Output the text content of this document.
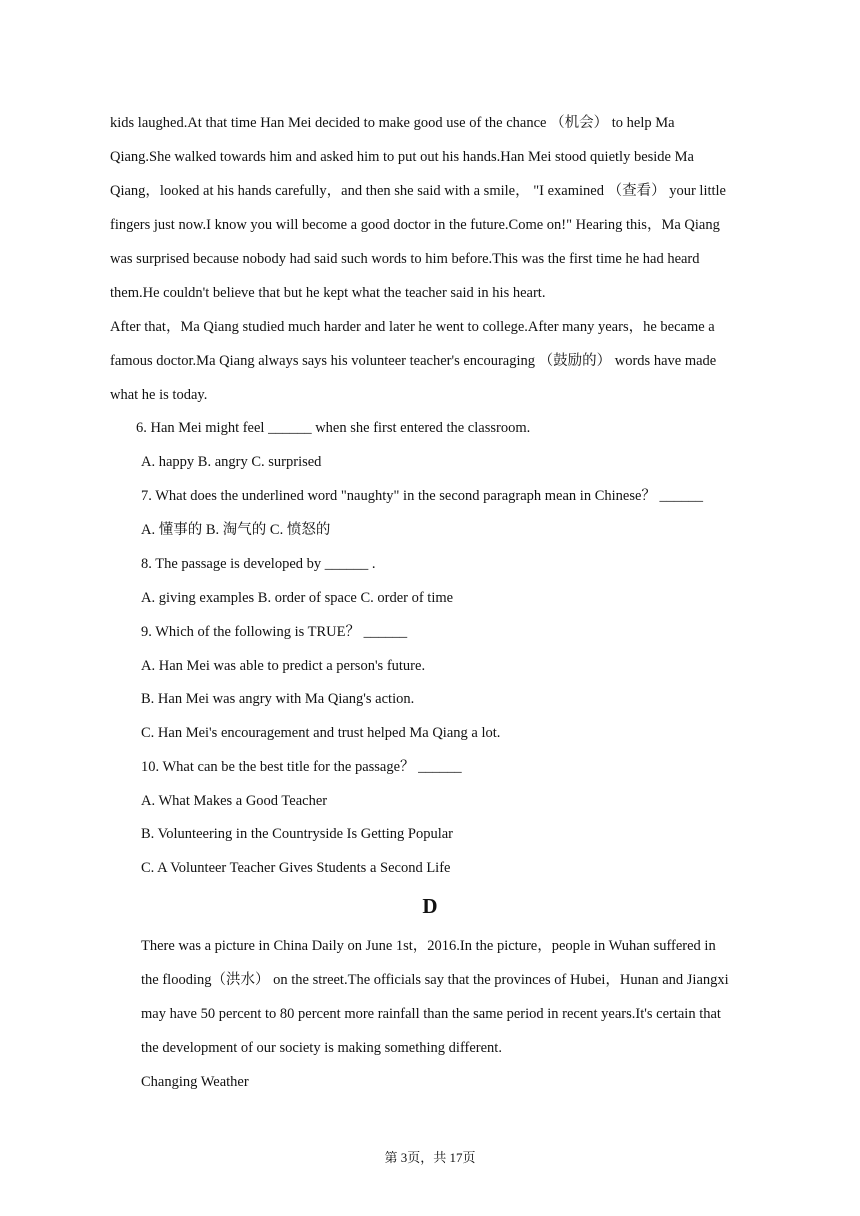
kids laughed.At that time Han Mei decided to make good use of the chance （机会） to help Ma
Qiang.She walked towards him and asked him to put out his hands.Han Mei stood quietly beside Ma
Qiang，looked at his hands carefully，and then she said with a smile， "I examined （查看） your little
fingers just now.I know you will become a good doctor in the future.Come on!" Hearing this，Ma Qiang
was surprised because nobody had said such words to him before.This was the first time he had heard
them.He couldn't believe that but he kept what the teacher said in his heart.
After that，Ma Qiang studied much harder and later he went to college.After many years，he became a
famous doctor.Ma Qiang always says his volunteer teacher's encouraging （鼓励的） words have made
what he is today.
6. Han Mei might feel ______ when she first entered the classroom.
A. happy B. angry C. surprised
7. What does the underlined word "naughty" in the second paragraph mean in Chinese？ ______
A. 懂事的 B. 淘气的 C. 愤怒的
8. The passage is developed by ______ .
A. giving examples B. order of space C. order of time
9. Which of the following is TRUE？ ______
A. Han Mei was able to predict a person's future.
B. Han Mei was angry with Ma Qiang's action.
C. Han Mei's encouragement and trust helped Ma Qiang a lot.
10. What can be the best title for the passage？ ______
A. What Makes a Good Teacher
B. Volunteering in the Countryside Is Getting Popular
C. A Volunteer Teacher Gives Students a Second Life
D
There was a picture in China Daily on June 1st，2016.In the picture，people in Wuhan suffered in
the flooding（洪水） on the street.The officials say that the provinces of Hubei，Hunan and Jiangxi
may have 50 percent to 80 percent more rainfall than the same period in recent years.It's certain that
the development of our society is making something different.
Changing Weather
第 3页，共 17页
